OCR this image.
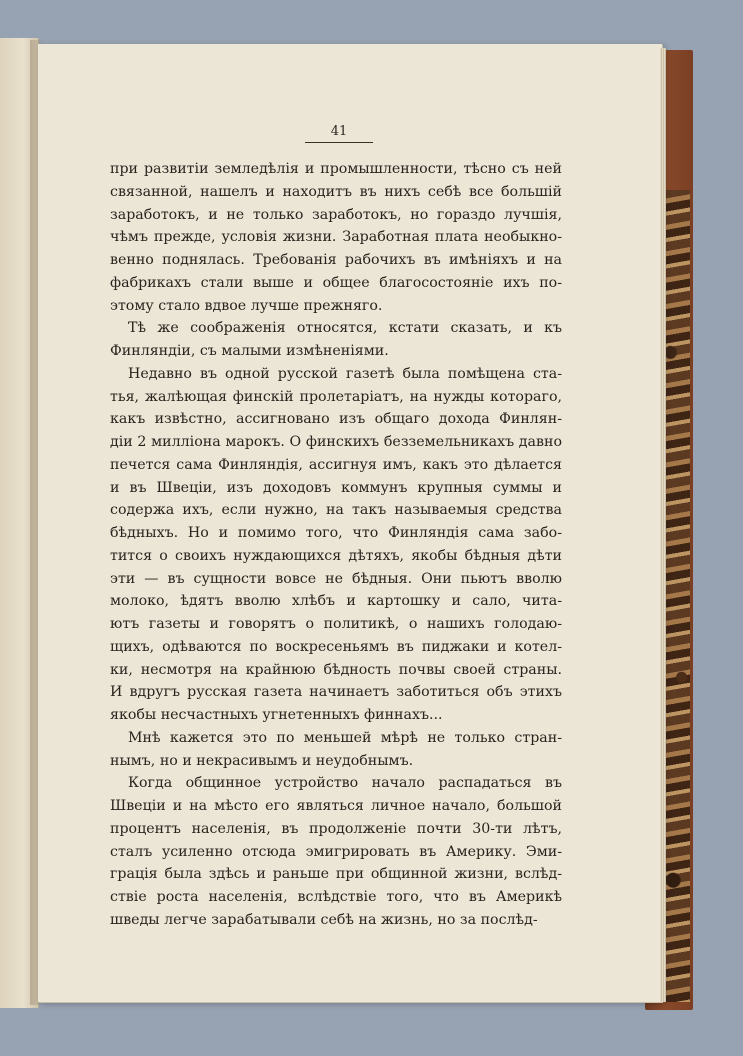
41

при развитіи земледѣлія и промышленности, тѣсно съ ней
связанной, нашелъ и находитъ въ нихъ себѣ все большій
заработокъ, и не только заработокъ, но гораздо лучшія,
чѣмъ прежде, условія жизни. Заработная плата необыкно-
венно поднялась. Требованія рабочихъ въ имѣніяхъ и на
фабрикахъ стали выше и общее благосостояніе ихъ по-
этому стало вдвое лучше прежняго.

Тѣ же соображенія относятся, кстати сказать, и къ
Финляндіи, съ малыми измѣненіями.

Недавно въ одной русской газетѣ была помѣщена ста-
тья, жалѣющая финскій пролетаріатъ, на нужды котораго,
какъ извѣстно, ассигновано изъ общаго дохода Финлян-
діи 2 милліона марокъ. О финскихъ безземельникахъ давно
печется сама Финляндія, ассигнуя имъ, какъ это дѣлается
и въ Швеціи, изъ доходовъ коммунъ крупныя суммы и
содержа ихъ, если нужно, на такъ называемыя средства
бѣдныхъ. Но и помимо того, что Финляндія сама забо-
тится о своихъ нуждающихся дѣтяхъ, якобы бѣдныя дѣти
эти — въ сущности вовсе не бѣдныя. Они пьютъ вволю
молоко, ѣдятъ вволю хлѣбъ и картошку и сало, чита-
ютъ газеты и говорятъ о политикѣ, о нашихъ голодаю-
щихъ, одѣваются по воскресеньямъ въ пиджаки и котел-
ки, несмотря на крайнюю бѣдность почвы своей страны.
И вдругъ русская газета начинаетъ заботиться объ этихъ
якобы несчастныхъ угнетенныхъ финнахъ...

Мнѣ кажется это по меньшей мѣрѣ не только стран-
нымъ, но и некрасивымъ и неудобнымъ.

Когда общинное устройство начало распадаться въ
Швеціи и на мѣсто его являться личное начало, большой
процентъ населенія, въ продолженіе почти 30-ти лѣтъ,
сталъ усиленно отсюда эмигрировать въ Америку. Эми-
грація была здѣсь и раньше при общинной жизни, вслѣд-
ствіе роста населенія, вслѣдствіе того, что въ Америкѣ
шведы легче зарабатывали себѣ на жизнь, но за послѣд-
